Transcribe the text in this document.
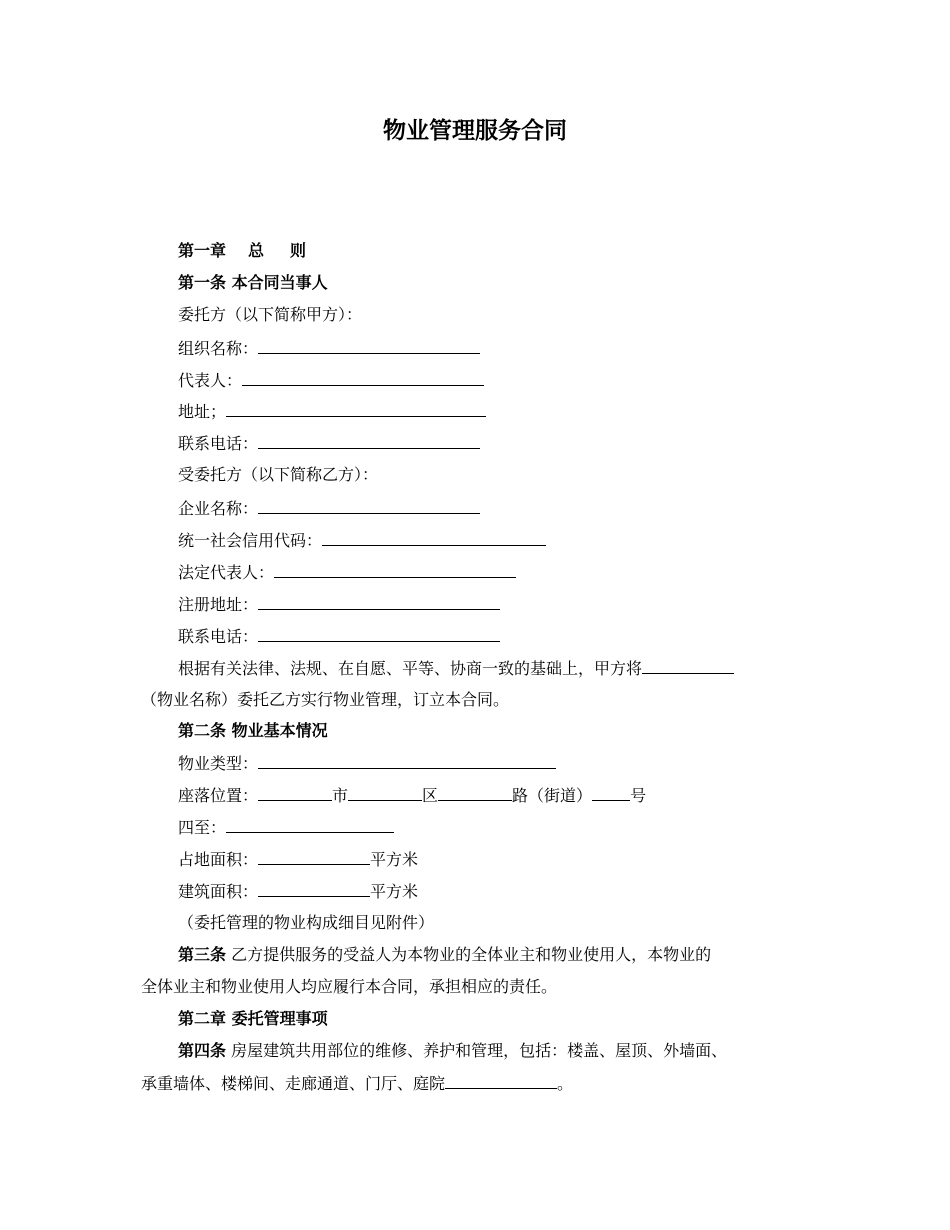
物业管理服务合同
第一章 总 则
第一条 本合同当事人
委托方（以下简称甲方）：
组织名称：
代表人：
地址；
联系电话：
受委托方（以下简称乙方）：
企业名称：
统一社会信用代码：
法定代表人：
注册地址：
联系电话：
根据有关法律、法规、在自愿、平等、协商一致的基础上，甲方将
（物业名称）委托乙方实行物业管理，订立本合同。
第二条 物业基本情况
物业类型：
座落位置：	市	区	路（街道） 号
四至：
占地面积：	平方米
建筑面积：	平方米
（委托管理的物业构成细目见附件）
第三条 乙方提供服务的受益人为本物业的全体业主和物业使用人，本物业的
全体业主和物业使用人均应履行本合同，承担相应的责任。
第二章 委托管理事项
第四条 房屋建筑共用部位的维修、养护和管理，包括：楼盖、屋顶、外墙面、
承重墙体、楼梯间、走廊通道、门厅、庭院	。
